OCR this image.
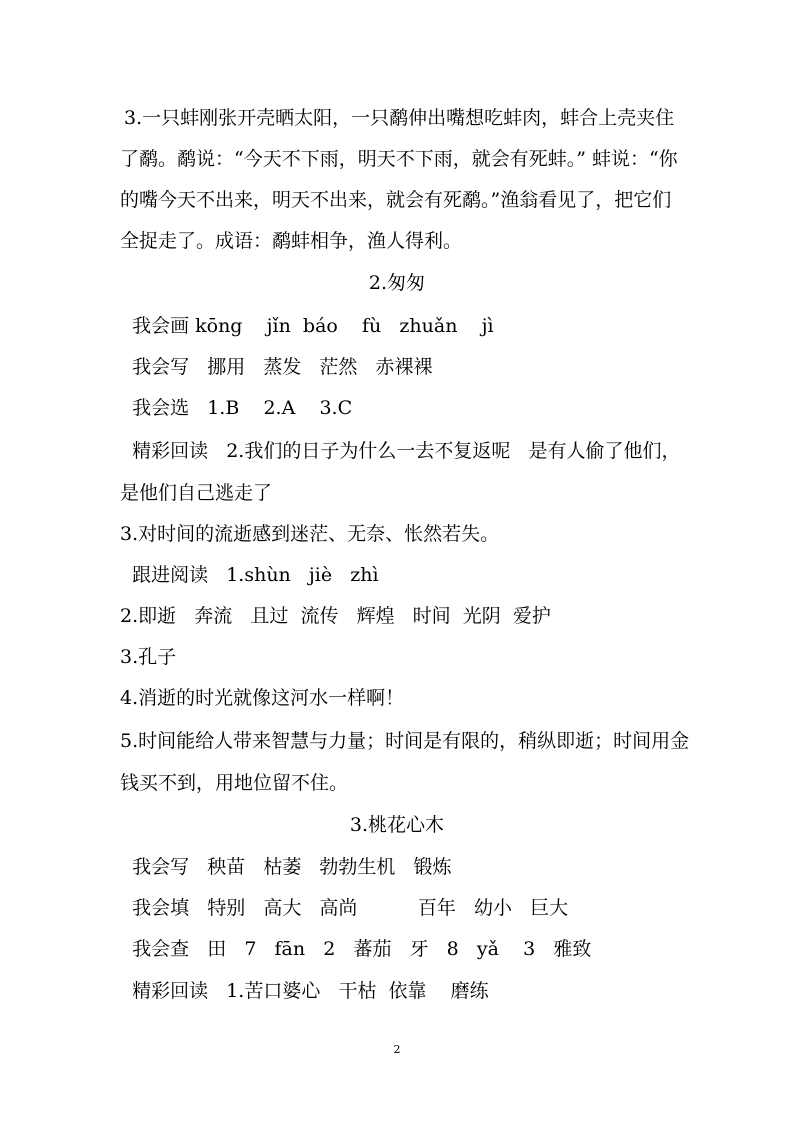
3.一只蚌刚张开壳晒太阳，一只鹬伸出嘴想吃蚌肉，蚌合上壳夹住
了鹬。鹬说：“今天不下雨，明天不下雨，就会有死蚌。” 蚌说：“你
的嘴今天不出来，明天不出来，就会有死鹬。”渔翁看见了，把它们
全捉走了。成语：鹬蚌相争，渔人得利。
2.匆匆
我会画 kōng    jǐn  báo    fù   zhuǎn    jì
我会写   挪用   蒸发   茫然   赤裸裸
我会选   1.B    2.A    3.C
精彩回读   2.我们的日子为什么一去不复返呢   是有人偷了他们，
是他们自己逃走了
3.对时间的流逝感到迷茫、无奈、怅然若失。
跟进阅读   1.shùn   jiè   zhì
2.即逝   奔流   且过  流传   辉煌   时间  光阴  爱护
3.孔子
4.消逝的时光就像这河水一样啊！
5.时间能给人带来智慧与力量；时间是有限的，稍纵即逝；时间用金
钱买不到，用地位留不住。
3.桃花心木
我会写   秧苗   枯萎   勃勃生机   锻炼
我会填   特别   高大   高尚          百年   幼小   巨大
我会查   田   7   fān   2   蕃茄   牙   8   yǎ    3   雅致
精彩回读   1.苦口婆心   干枯  依靠    磨练
2
